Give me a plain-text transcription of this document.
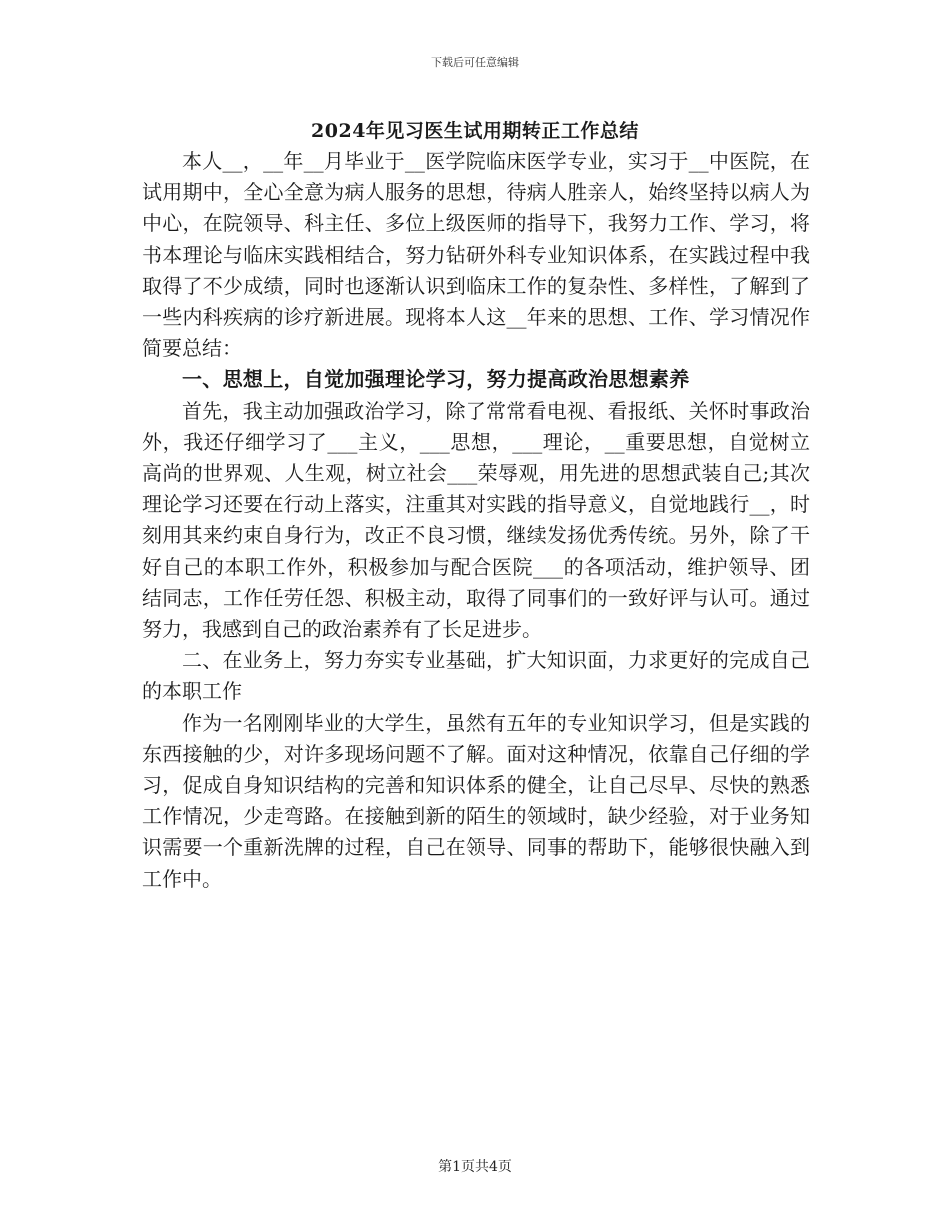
下载后可任意编辑
2024年见习医生试用期转正工作总结

本人__，__年__月毕业于__医学院临床医学专业，实习于__中医院，在试用期中，全心全意为病人服务的思想，待病人胜亲人，始终坚持以病人为中心，在院领导、科主任、多位上级医师的指导下，我努力工作、学习，将书本理论与临床实践相结合，努力钻研外科专业知识体系，在实践过程中我取得了不少成绩，同时也逐渐认识到临床工作的复杂性、多样性，了解到了一些内科疾病的诊疗新进展。现将本人这__年来的思想、工作、学习情况作简要总结：

一、思想上，自觉加强理论学习，努力提高政治思想素养

首先，我主动加强政治学习，除了常常看电视、看报纸、关怀时事政治外，我还仔细学习了___主义，___思想，___理论，__重要思想，自觉树立高尚的世界观、人生观，树立社会___荣辱观，用先进的思想武装自己;其次理论学习还要在行动上落实，注重其对实践的指导意义，自觉地践行__，时刻用其来约束自身行为，改正不良习惯，继续发扬优秀传统。另外，除了干好自己的本职工作外，积极参加与配合医院___的各项活动，维护领导、团结同志，工作任劳任怨、积极主动，取得了同事们的一致好评与认可。通过努力，我感到自己的政治素养有了长足进步。

二、在业务上，努力夯实专业基础，扩大知识面，力求更好的完成自己的本职工作

作为一名刚刚毕业的大学生，虽然有五年的专业知识学习，但是实践的东西接触的少，对许多现场问题不了解。面对这种情况，依靠自己仔细的学习，促成自身知识结构的完善和知识体系的健全，让自己尽早、尽快的熟悉工作情况，少走弯路。在接触到新的陌生的领域时，缺少经验，对于业务知识需要一个重新洗牌的过程，自己在领导、同事的帮助下，能够很快融入到工作中。

第1页共4页
